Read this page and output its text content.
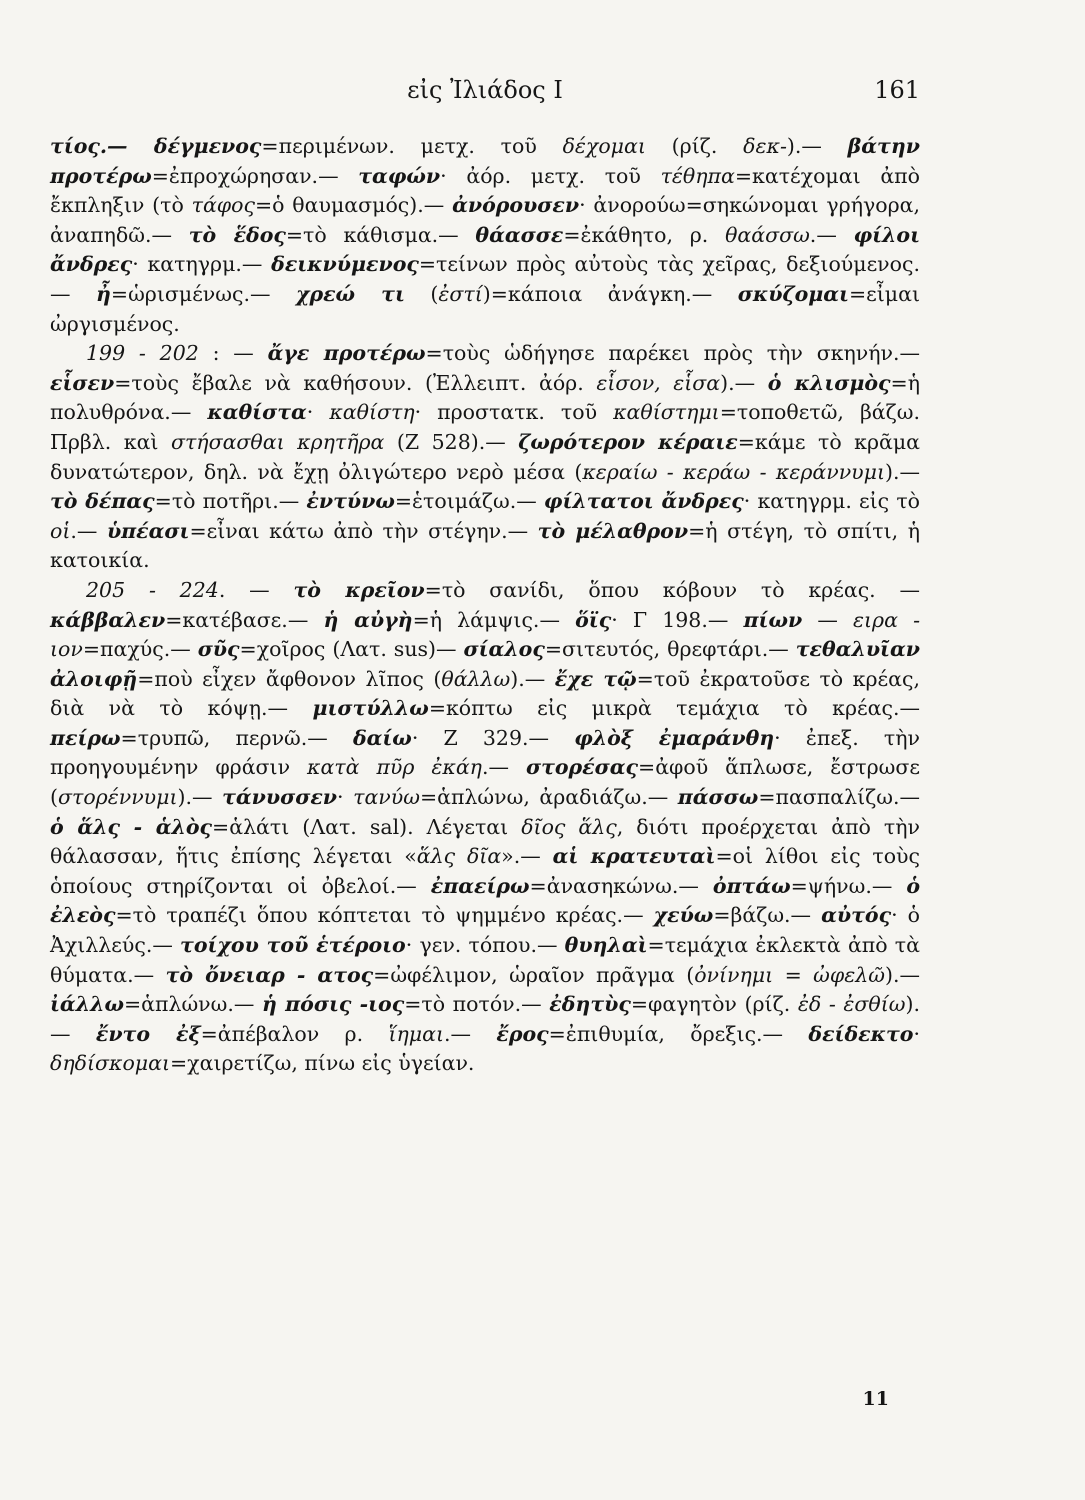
εἰς Ἰλιάδος Ι	161

τίος.— δέγμενος=περιμένων. μετχ. τοῦ δέχομαι (ρίζ. δεκ-).— βάτην προτέρω=ἐπροχώρησαν.— ταφών· ἀόρ. μετχ. τοῦ τέθηπα=κατέχομαι ἀπὸ ἔκπληξιν (τὸ τάφος=ὁ θαυμασμός).— ἀνόρουσεν· ἀνορούω=σηκώνομαι γρήγορα, ἀναπηδῶ.— τὸ ἕδος=τὸ κάθισμα.— θάασσε=ἐκάθητο, ρ. θαάσσω.— φίλοι ἄνδρες· κατηγρμ.— δεικνύμενος=τείνων πρὸς αὐτοὺς τὰς χεῖρας, δεξιούμενος.— ἦ=ὡρισμένως.— χρεώ τι (ἐστί)=κάποια ἀνάγκη.— σκύζομαι=εἶμαι ὠργισμένος.

199 - 202 : — ἄγε προτέρω=τοὺς ὡδήγησε παρέκει πρὸς τὴν σκηνήν.— εἷσεν=τοὺς ἔβαλε νὰ καθήσουν. (Ἐλλειπτ. ἀόρ. εἷσον, εἷσα).— ὁ κλισμὸς=ἡ πολυθρόνα.— καθίστα· καθίστη· προστατκ. τοῦ καθίστημι=τοποθετῶ, βάζω. Πρβλ. καὶ στήσασθαι κρητῆρα (Ζ 528).— ζωρότερον κέραιε=κάμε τὸ κρᾶμα δυνατώτερον, δηλ. νὰ ἔχῃ ὀλιγώτερο νερὸ μέσα (κεραίω - κεράω - κεράννυμι).— τὸ δέπας=τὸ ποτῆρι.— ἐντύνω=ἑτοιμάζω.— φίλτατοι ἄνδρες· κατηγρμ. εἰς τὸ οἱ.— ὑπέασι=εἶναι κάτω ἀπὸ τὴν στέγην.— τὸ μέλαθρον=ἡ στέγη, τὸ σπίτι, ἡ κατοικία.

205 - 224. — τὸ κρεῖον=τὸ σανίδι, ὅπου κόβουν τὸ κρέας. — κάββαλεν=κατέβασε.— ἡ αὐγὴ=ἡ λάμψις.— ὅϊς· Γ 198.— πίων — ειρα - ιον=παχύς.— σῦς=χοῖρος (Λατ. sus)— σίαλος=σιτευτός, θρεφτάρι.— τεθαλυῖαν ἀλοιφῇ=ποὺ εἶχεν ἄφθονον λῖπος (θάλλω).— ἔχε τῷ=τοῦ ἐκρατοῦσε τὸ κρέας, διὰ νὰ τὸ κόψῃ.— μιστύλλω=κόπτω εἰς μικρὰ τεμάχια τὸ κρέας.— πείρω=τρυπῶ, περνῶ.— δαίω· Ζ 329.— φλὸξ ἐμαράνθη· ἐπεξ. τὴν προηγουμένην φράσιν κατὰ πῦρ ἐκάη.— στορέσας=ἀφοῦ ἅπλωσε, ἔστρωσε (στορέννυμι).— τάνυσσεν· τανύω=ἁπλώνω, ἀραδιάζω.— πάσσω=πασπαλίζω.— ὁ ἅλς - ἁλὸς=ἁλάτι (Λατ. sal). Λέγεται δῖος ἅλς, διότι προέρχεται ἀπὸ τὴν θάλασσαν, ἥτις ἐπίσης λέγεται «ἅλς δῖα».— αἱ κρατευταὶ=οἱ λίθοι εἰς τοὺς ὁποίους στηρίζονται οἱ ὀβελοί.— ἐπαείρω=ἀνασηκώνω.— ὀπτάω=ψήνω.— ὁ ἐλεὸς=τὸ τραπέζι ὅπου κόπτεται τὸ ψημμένο κρέας.— χεύω=βάζω.— αὐτός· ὁ Ἀχιλλεύς.— τοίχου τοῦ ἑτέροιο· γεν. τόπου.— θυηλαὶ=τεμάχια ἐκλεκτὰ ἀπὸ τὰ θύματα.— τὸ ὄνειαρ - ατος=ὠφέλιμον, ὡραῖον πρᾶγμα (ὀνίνημι = ὠφελῶ).— ἰάλλω=ἁπλώνω.— ἡ πόσις -ιος=τὸ ποτόν.— ἐδητὺς=φαγητὸν (ρίζ. ἐδ - ἐσθίω).— ἔντο ἐξ=ἀπέβαλον ρ. ἵημαι.— ἔρος=ἐπιθυμία, ὄρεξις.— δείδεκτο· δηδίσκομαι=χαιρετίζω, πίνω εἰς ὑγείαν.

11
